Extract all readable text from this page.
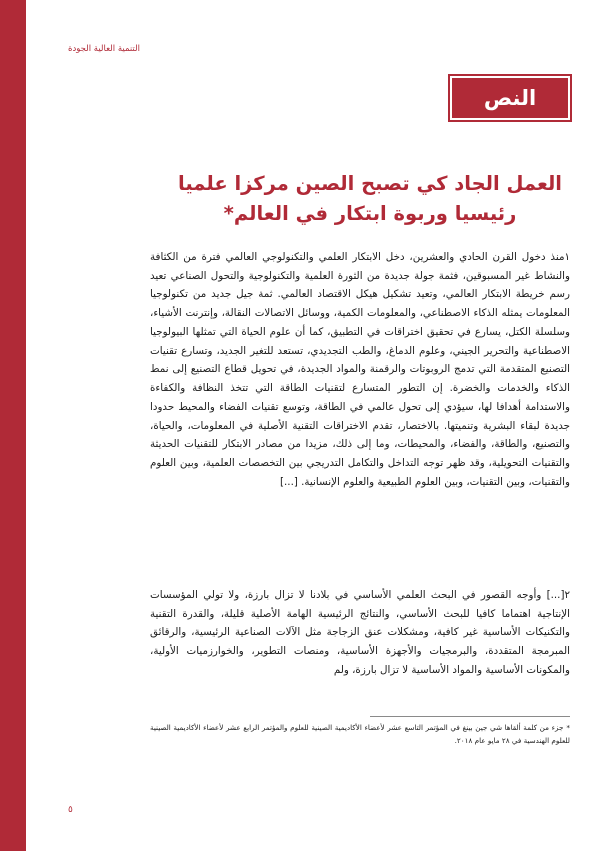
التنمية العالية الجودة
النص
العمل الجاد كي تصبح الصين مركزا علميا رئيسيا وربوة ابتكار في العالم*
١منذ دخول القرن الحادي والعشرين، دخل الابتكار العلمي والتكنولوجي العالمي فترة من الكثافة والنشاط غير المسبوقين، فثمة جولة جديدة من الثورة العلمية والتكنولوجية والتحول الصناعي تعيد رسم خريطة الابتكار العالمي، وتعيد تشكيل هيكل الاقتصاد العالمي. ثمة جيل جديد من تكنولوجيا المعلومات يمثله الذكاء الاصطناعي، والمعلومات الكمية، ووسائل الاتصالات النقالة، وإنترنت الأشياء، وسلسلة الكتل، يسارع في تحقيق اختراقات في التطبيق، كما أن علوم الحياة التي تمثلها البيولوجيا الاصطناعية والتحرير الجيني، وعلوم الدماغ، والطب التجديدي، تستعد للتغير الجديد، وتسارع تقنيات التصنيع المتقدمة التي تدمج الروبوتات والرقمنة والمواد الجديدة، في تحويل قطاع التصنيع إلى نمط الذكاء والخدمات والخضرة. إن التطور المتسارع لتقنيات الطاقة التي تتخذ النظافة والكفاءة والاستدامة أهدافا لها، سيؤدي إلى تحول عالمي في الطاقة، وتوسع تقنيات الفضاء والمحيط حدودا جديدة لبقاء البشرية وتنميتها. بالاختصار، تقدم الاختراقات التقنية الأصلية في المعلومات، والحياة، والتصنيع، والطاقة، والفضاء، والمحيطات، وما إلى ذلك، مزيدا من مصادر الابتكار للتقنيات الحديثة والتقنيات التحويلية، وقد ظهر توجه التداخل والتكامل التدريجي بين التخصصات العلمية، وبين العلوم والتقنيات، وبين التقنيات، وبين العلوم الطبيعية والعلوم الإنسانية. [...]
٢[...] وأوجه القصور في البحث العلمي الأساسي في بلادنا لا تزال بارزة، ولا تولي المؤسسات الإنتاجية اهتماما كافيا للبحث الأساسي، والنتائج الرئيسية الهامة الأصلية قليلة، والقدرة التقنية والتكنيكات الأساسية غير كافية، ومشكلات عنق الزجاجة مثل الآلات الصناعية الرئيسية، والرقائق المبرمجة المتقددة، والبرمجيات والأجهزة الأساسية، ومنصات التطوير، والخوارزميات الأولية، والمكونات الأساسية والمواد الأساسية لا تزال بارزة، ولم
*جزء من كلمة ألقاها شي جين بينغ في المؤتمر التاسع عشر لأعضاء الأكاديمية الصينية للعلوم والمؤتمر الرابع عشر لأعضاء الأكاديمية الصينية للعلوم الهندسية في ٢٨ مايو عام ٢٠١٨.
٥
